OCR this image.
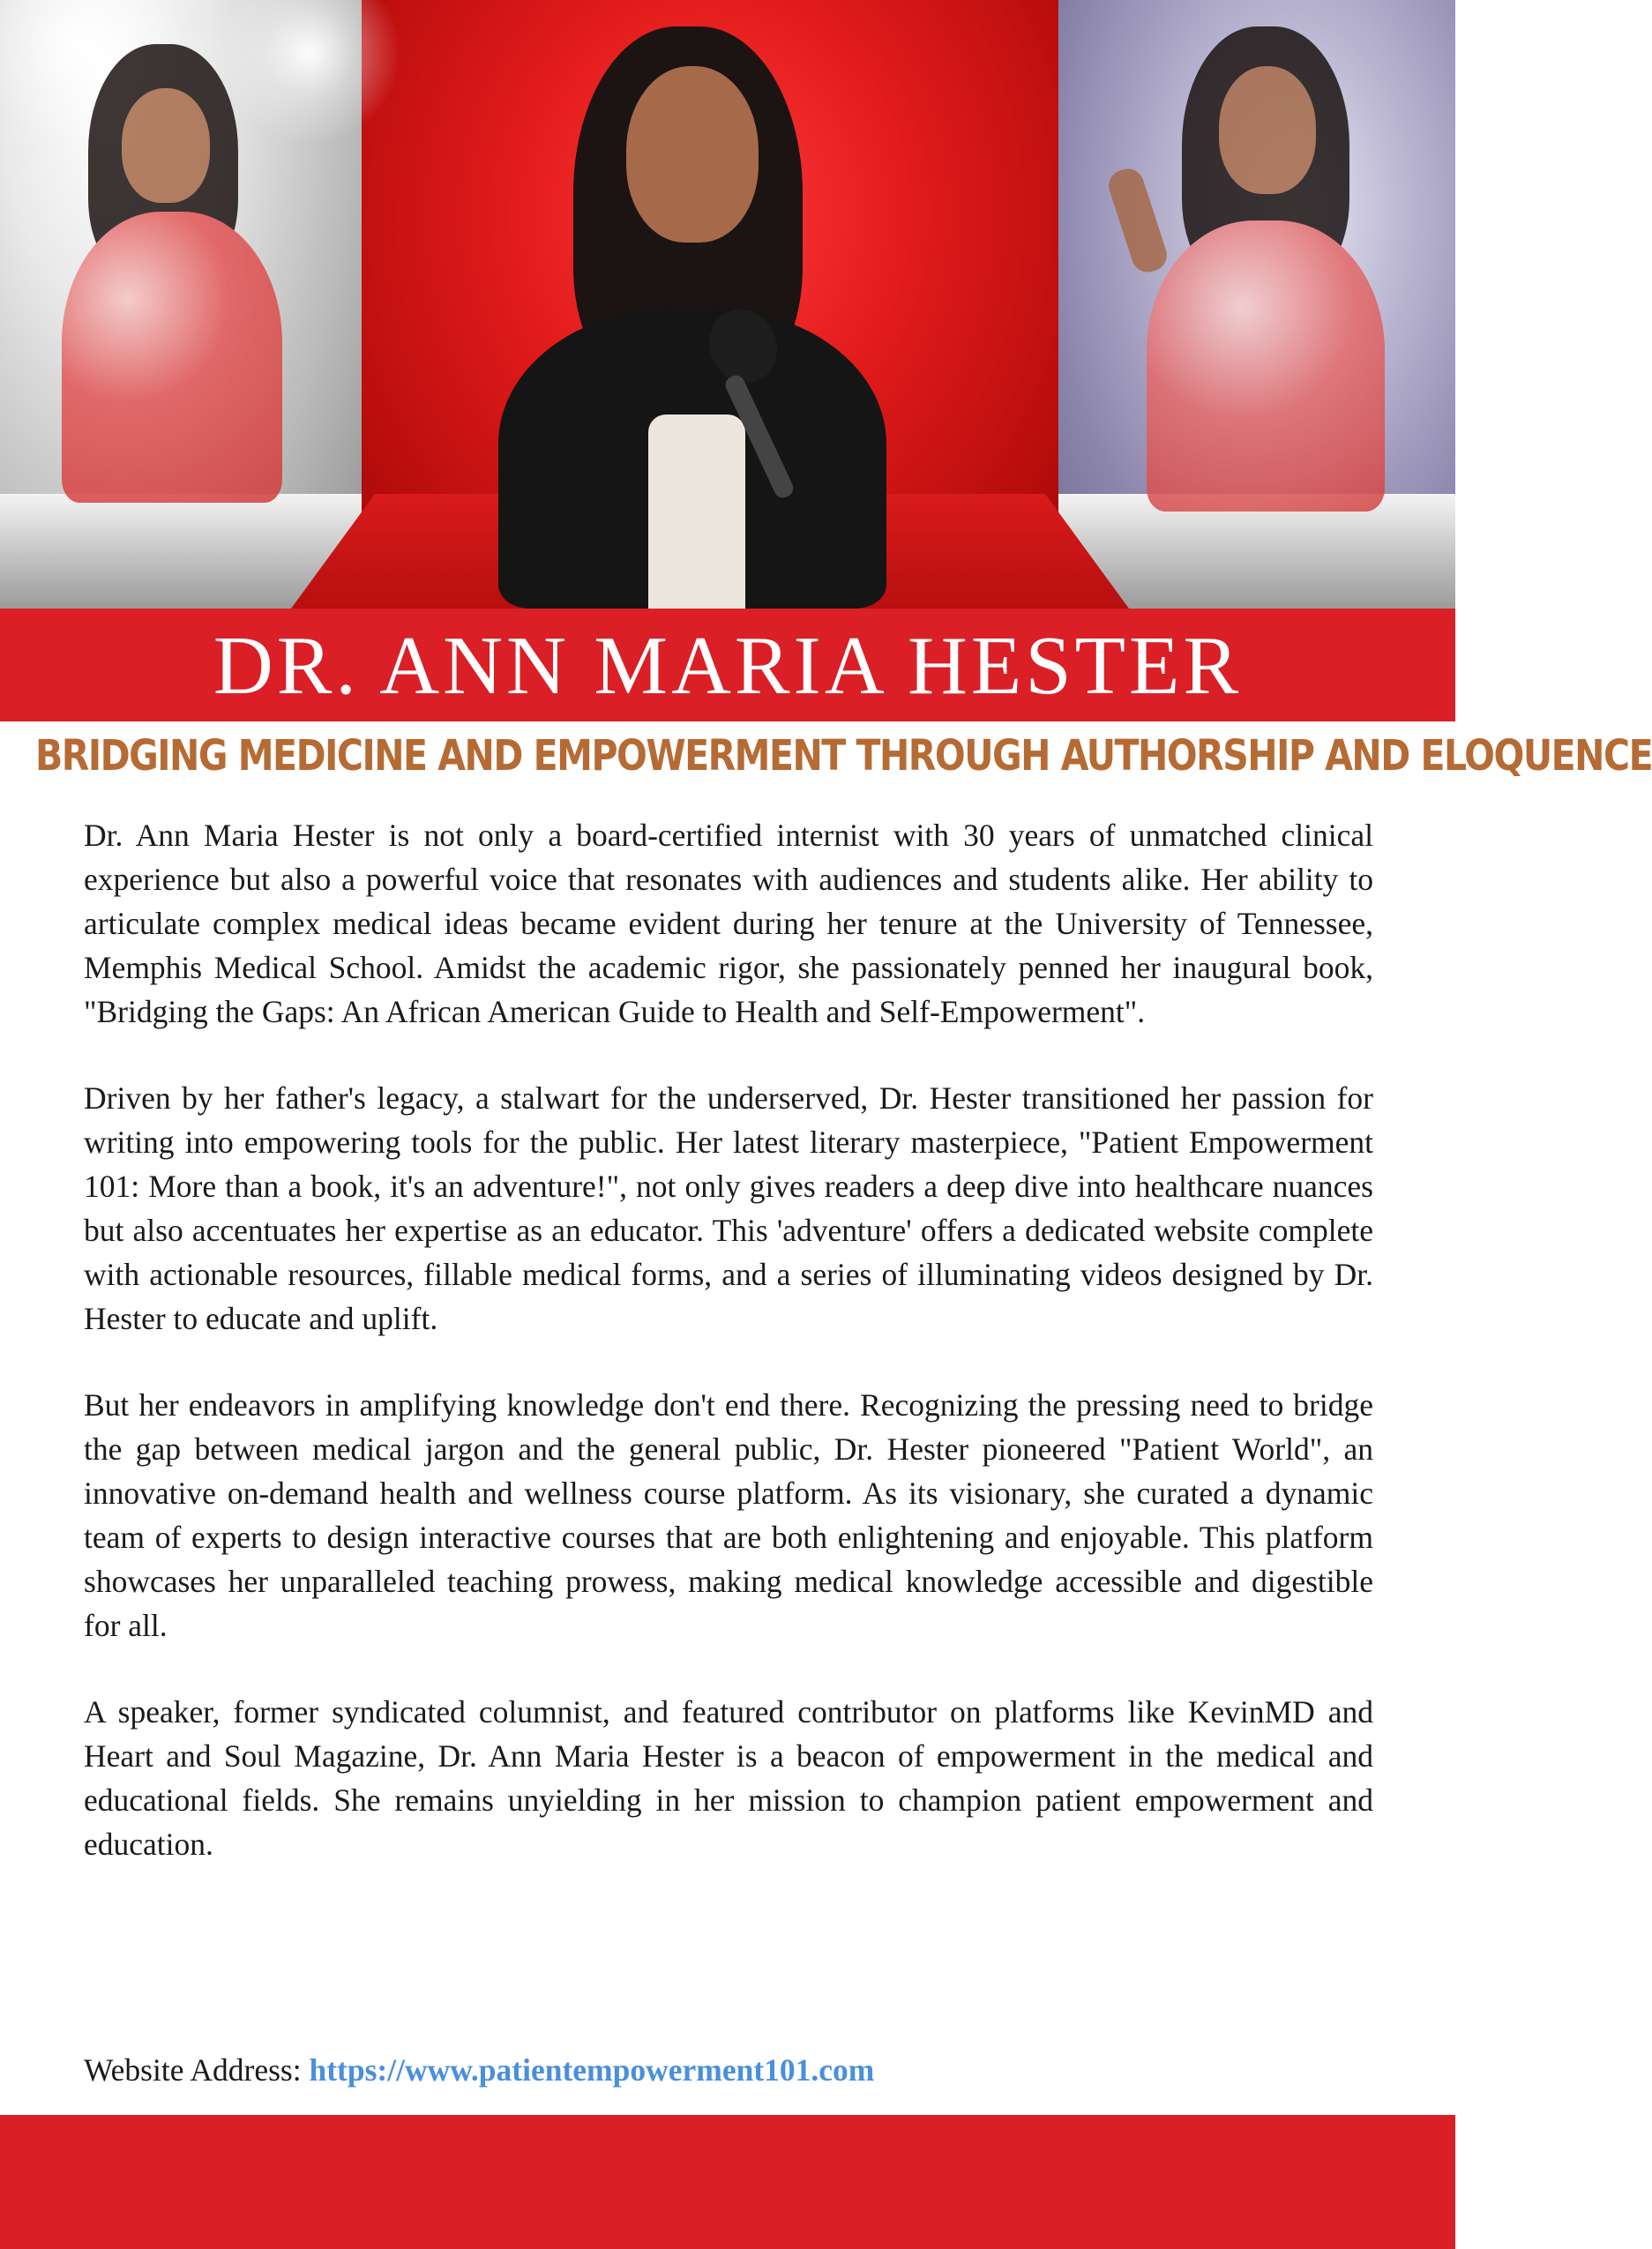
DR. ANN MARIA HESTER
BRIDGING MEDICINE AND EMPOWERMENT THROUGH AUTHORSHIP AND ELOQUENCE

Dr. Ann Maria Hester is not only a board-certified internist with 30 years of unmatched clinical experience but also a powerful voice that resonates with audiences and students alike. Her ability to articulate complex medical ideas became evident during her tenure at the University of Tennessee, Memphis Medical School. Amidst the academic rigor, she passionately penned her inaugural book, "Bridging the Gaps: An African American Guide to Health and Self-Empowerment".

Driven by her father's legacy, a stalwart for the underserved, Dr. Hester transitioned her passion for writing into empowering tools for the public. Her latest literary masterpiece, "Patient Empowerment 101: More than a book, it's an adventure!", not only gives readers a deep dive into healthcare nuances but also accentuates her expertise as an educator. This 'adventure' offers a dedicated website complete with actionable resources, fillable medical forms, and a series of illuminating videos designed by Dr. Hester to educate and uplift.

But her endeavors in amplifying knowledge don't end there. Recognizing the pressing need to bridge the gap between medical jargon and the general public, Dr. Hester pioneered "Patient World", an innovative on-demand health and wellness course platform. As its visionary, she curated a dynamic team of experts to design interactive courses that are both enlightening and enjoyable. This platform showcases her unparalleled teaching prowess, making medical knowledge accessible and digestible for all.

A speaker, former syndicated columnist, and featured contributor on platforms like KevinMD and Heart and Soul Magazine, Dr. Ann Maria Hester is a beacon of empowerment in the medical and educational fields. She remains unyielding in her mission to champion patient empowerment and education.

Website Address: https://www.patientempowerment101.com
